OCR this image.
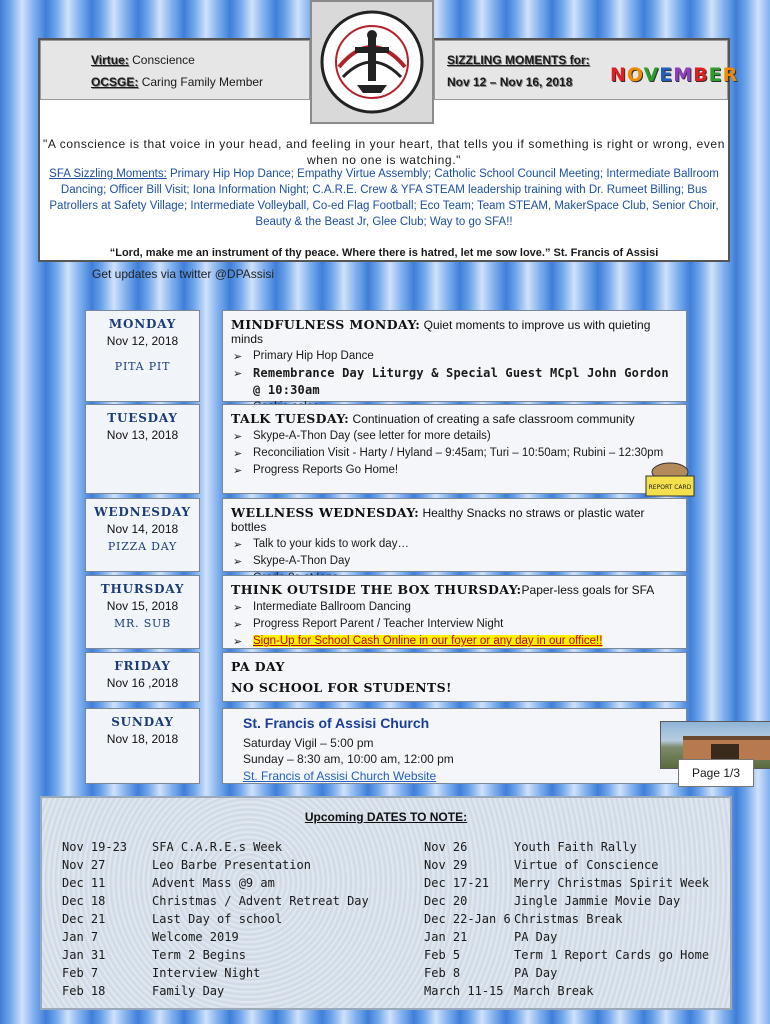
Virtue: Conscience
OCSGE: Caring Family Member
SIZZLING MOMENTS for:
Nov 12 – Nov 16, 2018	NOVEMBER
"A conscience is that voice in your head, and feeling in your heart, that tells you if something is right or wrong, even when no one is watching."
SFA Sizzling Moments: Primary Hip Hop Dance; Empathy Virtue Assembly; Catholic School Council Meeting; Intermediate Ballroom Dancing; Officer Bill Visit; Iona Information Night; C.A.R.E. Crew & YFA STEAM leadership training with Dr. Rumeet Billing; Bus Patrollers at Safety Village; Intermediate Volleyball, Co-ed Flag Football; Eco Team; Team STEAM, MakerSpace Club, Senior Choir, Beauty & the Beast Jr, Glee Club; Way to go SFA!!
“Lord, make me an instrument of thy peace. Where there is hatred, let me sow love.” St. Francis of Assisi
Get updates via twitter @DPAssisi
MONDAY
Nov 12, 2018
PITA PIT
MINDFULNESS MONDAY: Quiet moments to improve us with quieting minds
➢ Primary Hip Hop Dance
➢ Remembrance Day Liturgy & Special Guest MCpl John Gordon @ 10:30am
➢
TUESDAY
Nov 13, 2018
TALK TUESDAY: Continuation of creating a safe classroom community
➢ Skype-A-Thon Day (see letter for more details)
➢ Reconciliation Visit - Harty / Hyland – 9:45am; Turi – 10:50am; Rubini – 12:30pm
➢ Progress Reports Go Home!
REPORT CARD
WEDNESDAY
Nov 14, 2018
PIZZA DAY
WELLNESS WEDNESDAY: Healthy Snacks no straws or plastic water bottles
➢ Talk to your kids to work day…
➢ Skype-A-Thon Day
➢
THURSDAY
Nov 15, 2018
MR. SUB
THINK OUTSIDE THE BOX THURSDAY:Paper-less goals for SFA
➢ Intermediate Ballroom Dancing
➢ Progress Report Parent / Teacher Interview Night
➢ Sign-Up for School Cash Online in our foyer or any day in our office!!
FRIDAY
Nov 16 ,2018
PA DAY
NO SCHOOL FOR STUDENTS!
SUNDAY
Nov 18, 2018
St. Francis of Assisi Church
Saturday Vigil – 5:00 pm
Sunday – 8:30 am, 10:00 am, 12:00 pm
St. Francis of Assisi Church Website	Page 1/3
Upcoming DATES TO NOTE:
Nov 19-23	SFA C.A.R.E.s Week
Nov 27	Leo Barbe Presentation
Dec 11	Advent Mass @9 am
Dec 18	Christmas / Advent Retreat Day
Dec 21	Last Day of school
Jan 7	Welcome 2019
Jan 31	Term 2 Begins
Feb 7	Interview Night
Feb 18	Family Day
Nov 26	Youth Faith Rally
Nov 29	Virtue of Conscience
Dec 17-21	Merry Christmas Spirit Week
Dec 20	Jingle Jammie Movie Day
Dec 22-Jan 6 Christmas Break
Jan 21	PA Day
Feb 5	Term 1 Report Cards go Home
Feb 8	PA Day
March 11-15 March Break
